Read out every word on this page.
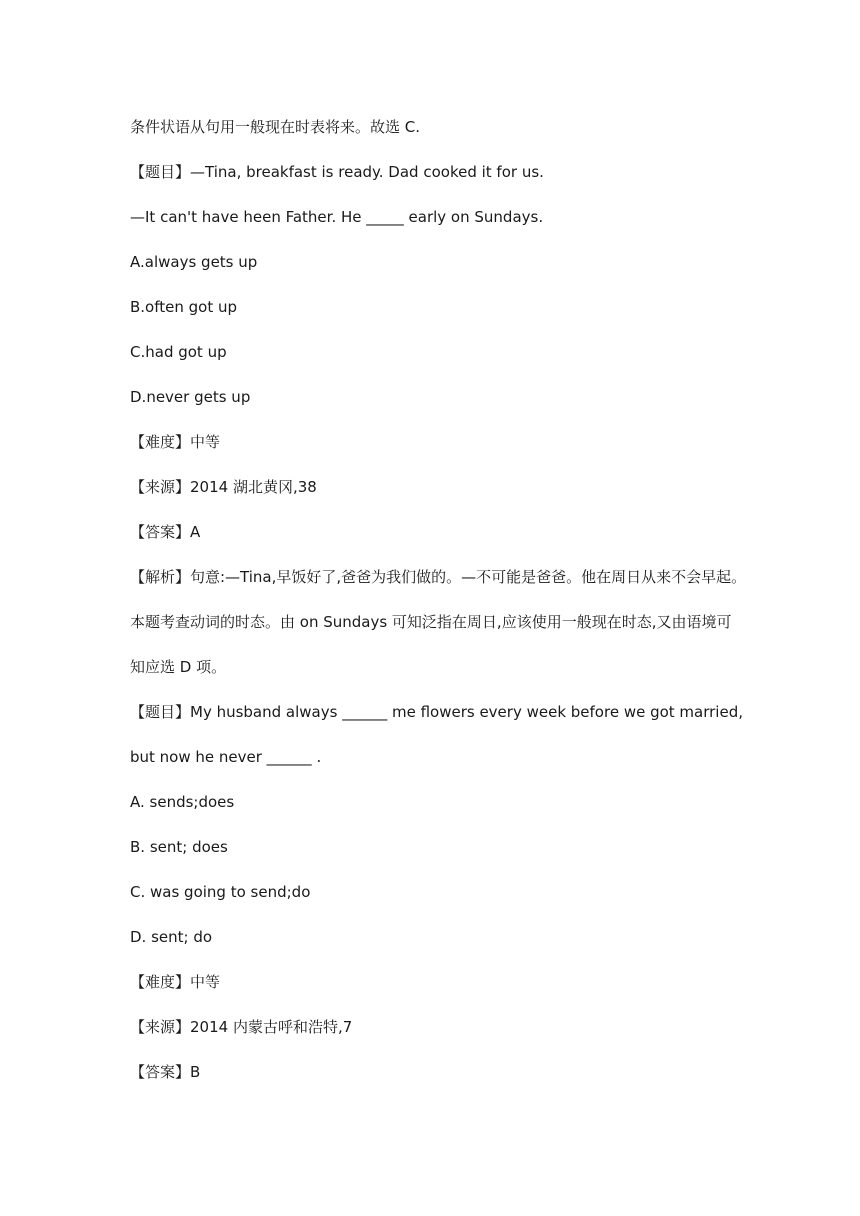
条件状语从句用一般现在时表将来。故选 C.

【题目】—Tina, breakfast is ready. Dad cooked it for us.

—It can't have heen Father. He _____ early on Sundays.

A.always gets up

B.often got up

C.had got up

D.never gets up

【难度】中等

【来源】2014 湖北黄冈,38

【答案】A

【解析】句意:—Tina,早饭好了,爸爸为我们做的。—不可能是爸爸。他在周日从来不会早起。

本题考查动词的时态。由 on Sundays 可知泛指在周日,应该使用一般现在时态,又由语境可

知应选 D 项。

【题目】My husband always ______ me flowers every week before we got married,

but now he never ______ .

A. sends;does

B. sent; does

C. was going to send;do

D. sent; do

【难度】中等

【来源】2014 内蒙古呼和浩特,7

【答案】B
